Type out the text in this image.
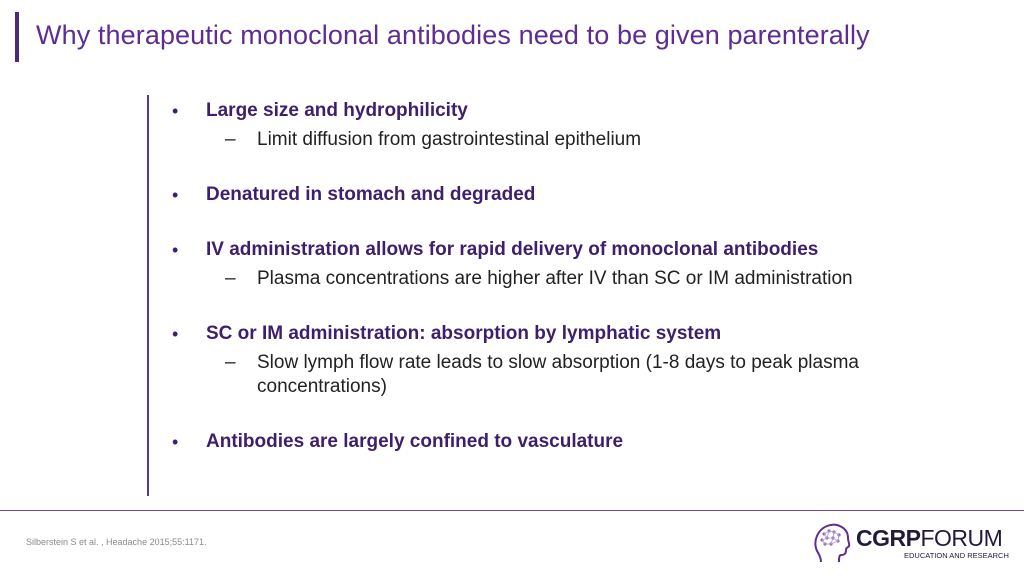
Why therapeutic monoclonal antibodies need to be given parenterally
•	Large size and hydrophilicity
–	Limit diffusion from gastrointestinal epithelium
•	Denatured in stomach and degraded
•	IV administration allows for rapid delivery of monoclonal antibodies
–	Plasma concentrations are higher after IV than SC or IM administration
•	SC or IM administration: absorption by lymphatic system
–	Slow lymph flow rate leads to slow absorption (1-8 days to peak plasma concentrations)
•	Antibodies are largely confined to vasculature
Silberstein S et al. , Headache 2015;55:1171.	CGRPFORUM
EDUCATION AND RESEARCH
